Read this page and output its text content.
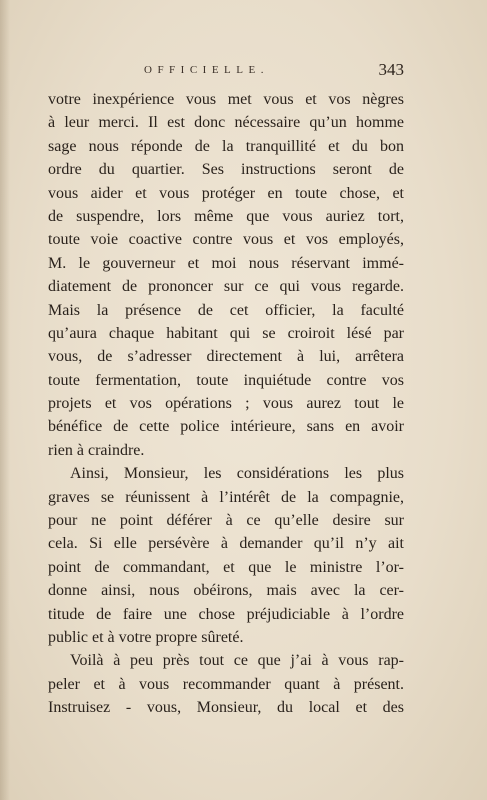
OFFICIELLE.	343
votre inexpérience vous met vous et vos nègres
à leur merci. Il est donc nécessaire qu’un homme
sage nous réponde de la tranquillité et du bon
ordre du quartier. Ses instructions seront de
vous aider et vous protéger en toute chose, et
de suspendre, lors même que vous auriez tort,
toute voie coactive contre vous et vos employés,
M. le gouverneur et moi nous réservant immé-
diatement de prononcer sur ce qui vous regarde.
Mais la présence de cet officier, la faculté
qu’aura chaque habitant qui se croiroit lésé par
vous, de s’adresser directement à lui, arrêtera
toute fermentation, toute inquiétude contre vos
projets et vos opérations ; vous aurez tout le
bénéfice de cette police intérieure, sans en avoir
rien à craindre.
Ainsi, Monsieur, les considérations les plus
graves se réunissent à l’intérêt de la compagnie,
pour ne point déférer à ce qu’elle desire sur
cela. Si elle persévère à demander qu’il n’y ait
point de commandant, et que le ministre l’or-
donne ainsi, nous obéirons, mais avec la cer-
titude de faire une chose préjudiciable à l’ordre
public et à votre propre sûreté.
Voilà à peu près tout ce que j’ai à vous rap-
peler et à vous recommander quant à présent.
Instruisez - vous, Monsieur, du local et des
